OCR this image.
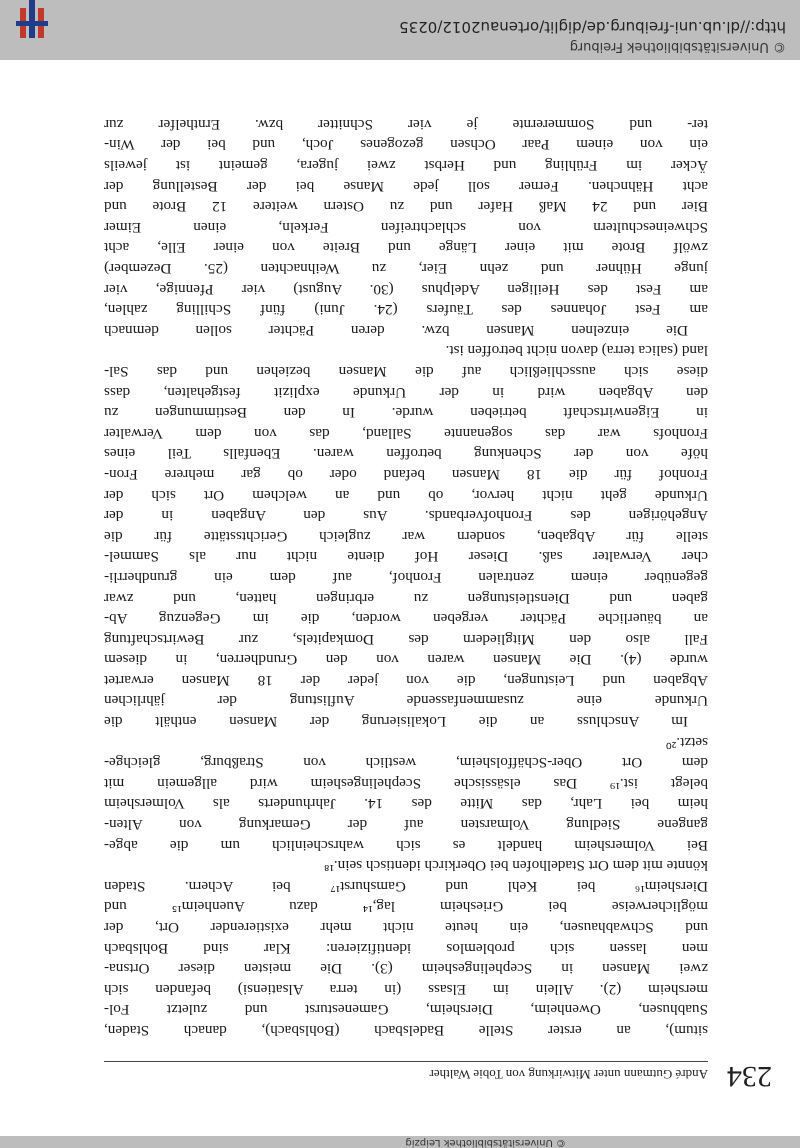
© Universitätsbibliothek Leipzig
234
André Gutmann unter Mitwirkung von Tobie Walther
situm), an erster Stelle Badelsbach (Bohlsbach), danach Staden,
Suabhusen, Owenheim, Diersheim, Gamenesturst und zuletzt Fol-
mersheim (2). Allein im Elsass (in terra Alsatiensi) befanden sich
zwei Mansen in Scephelingesheim (3). Die meisten dieser Ortsna-
men lassen sich problemlos identifizieren: Klar sind Bohlsbach
und Schwabhausen, ein heute nicht mehr existierender Ort, der
möglicherweise bei Griesheim lag,¹⁴ dazu Auenheim¹⁵ und
Diersheim¹⁶ bei Kehl und Gamshurst¹⁷ bei Achern. Staden
könnte mit dem Ort Stadelhofen bei Oberkirch identisch sein.¹⁸
Bei Volmersheim handelt es sich wahrscheinlich um die abge-
gangene Siedlung Volmarsten auf der Gemarkung von Alten-
heim bei Lahr, das Mitte des 14. Jahrhunderts als Volmersheim
belegt ist.¹⁹ Das elsässische Scephelingesheim wird allgemein mit
dem Ort Ober-Schäffolsheim, westlich von Straßburg, gleichge-
setzt.²⁰
Im Anschluss an die Lokalisierung der Mansen enthält die
Urkunde eine zusammenfassende Auflistung der jährlichen
Abgaben und Leistungen, die von jeder der 18 Mansen erwartet
wurde (4). Die Mansen waren von den Grundherren, in diesem
Fall also den Mitgliedern des Domkapitels, zur Bewirtschaftung
an bäuerliche Pächter vergeben worden, die im Gegenzug Ab-
gaben und Dienstleistungen zu erbringen hatten, und zwar
gegenüber einem zentralen Fronhof, auf dem ein grundherrli-
cher Verwalter saß. Dieser Hof diente nicht nur als Sammel-
stelle für Abgaben, sondern war zugleich Gerichtsstätte für die
Angehörigen des Fronhofverbands. Aus den Angaben in der
Urkunde geht nicht hervor, ob und an welchem Ort sich der
Fronhof für die 18 Mansen befand oder ob gar mehrere Fron-
höfe von der Schenkung betroffen waren. Ebenfalls Teil eines
Fronhofs war das sogenannte Salland, das von dem Verwalter
in Eigenwirtschaft betrieben wurde. In den Bestimmungen zu
den Abgaben wird in der Urkunde explizit festgehalten, dass
diese sich ausschließlich auf die Mansen beziehen und das Sal-
land (salica terra) davon nicht betroffen ist.
Die einzelnen Mansen bzw. deren Pächter sollen demnach
am Fest Johannes des Täufers (24. Juni) fünf Schilling zahlen,
am Fest des Heiligen Adelphus (30. August) vier Pfennige, vier
junge Hühner und zehn Eier, zu Weihnachten (25. Dezember)
zwölf Brote mit einer Länge und Breite von einer Elle, acht
Schweineschultern von schlachtreifen Ferkeln, einen Eimer
Bier und 24 Maß Hafer und zu Ostern weitere 12 Brote und
acht Hähnchen. Ferner soll jede Manse bei der Bestellung der
Äcker im Frühling und Herbst zwei jugera, gemeint ist jeweils
ein von einem Paar Ochsen gezogenes Joch, und bei der Win-
ter- und Sommerernte je vier Schnitter bzw. Ernthelfer zur
© Universitätsbibliothek Freiburg
http://dl.ub.uni-freiburg.de/diglit/ortenau2012/0235
